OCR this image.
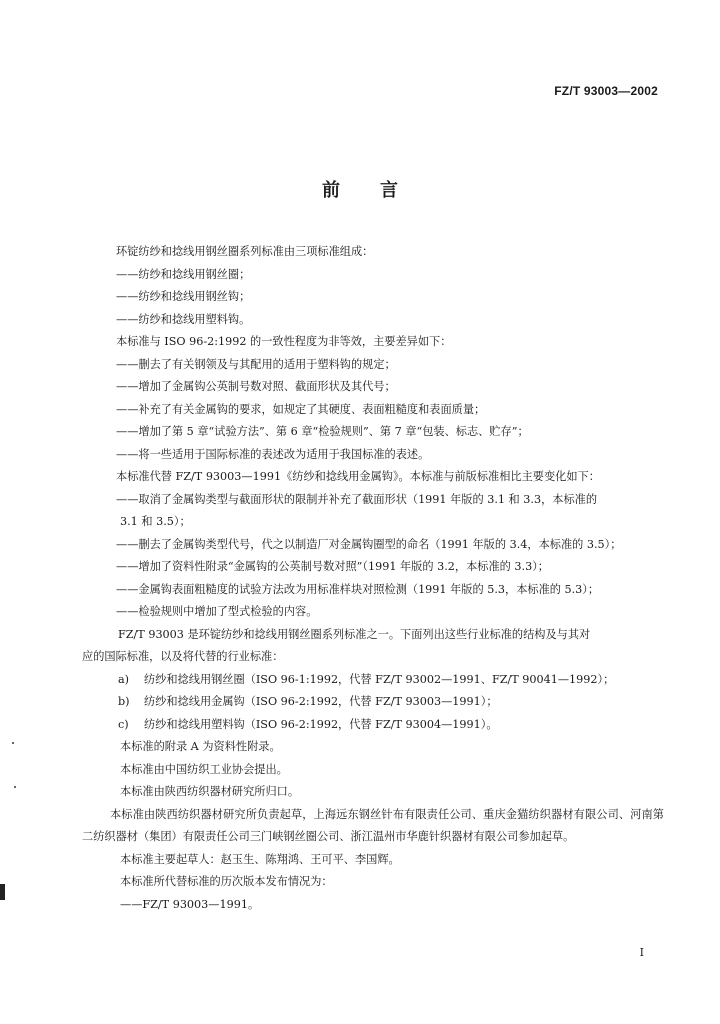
FZ/T 93003—2002
前言

环锭纺纱和捻线用钢丝圈系列标准由三项标准组成：

——纺纱和捻线用钢丝圈；

——纺纱和捻线用钢丝钩；

——纺纱和捻线用塑料钩。

本标准与 ISO 96-2:1992 的一致性程度为非等效，主要差异如下：

——删去了有关钢领及与其配用的适用于塑料钩的规定；

——增加了金属钩公英制号数对照、截面形状及其代号；

——补充了有关金属钩的要求，如规定了其硬度、表面粗糙度和表面质量；

——增加了第 5 章“试验方法”、第 6 章“检验规则”、第 7 章“包装、标志、贮存”；

——将一些适用于国际标准的表述改为适用于我国标准的表述。

本标准代替 FZ/T 93003—1991《纺纱和捻线用金属钩》。本标准与前版标准相比主要变化如下：

——取消了金属钩类型与截面形状的限制并补充了截面形状（1991 年版的 3.1 和 3.3，本标准的

3.1 和 3.5）；

——删去了金属钩类型代号，代之以制造厂对金属钩圈型的命名（1991 年版的 3.4，本标准的 3.5）；

——增加了资料性附录“金属钩的公英制号数对照”（1991 年版的 3.2，本标准的 3.3）；

——金属钩表面粗糙度的试验方法改为用标准样块对照检测（1991 年版的 5.3，本标准的 5.3）；

——检验规则中增加了型式检验的内容。

FZ/T 93003 是环锭纺纱和捻线用钢丝圈系列标准之一。下面列出这些行业标准的结构及与其对

应的国际标准，以及将代替的行业标准：

a)	纺纱和捻线用钢丝圈（ISO 96-1:1992，代替 FZ/T 93002—1991、FZ/T 90041—1992）；
b)	纺纱和捻线用金属钩（ISO 96-2:1992，代替 FZ/T 93003—1991）；
c)	纺纱和捻线用塑料钩（ISO 96-2:1992，代替 FZ/T 93004—1991）。

本标准的附录 A 为资料性附录。

本标准由中国纺织工业协会提出。

本标准由陕西纺织器材研究所归口。

本标准由陕西纺织器材研究所负责起草，上海远东钢丝针布有限责任公司、重庆金猫纺织器材有限公司、河南第二纺织器材（集团）有限责任公司三门峡钢丝圈公司、浙江温州市华鹿针织器材有限公司参加起草。

本标准主要起草人：赵玉生、陈翔鸿、王可平、李国辉。

本标准所代替标准的历次版本发布情况为：

——FZ/T 93003—1991。

I
